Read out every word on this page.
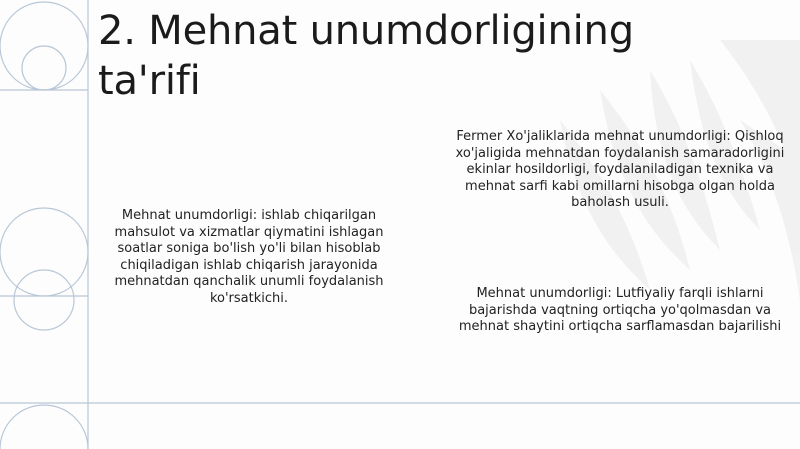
2. Mehnat unumdorligining ta'rifi
Mehnat unumdorligi: ishlab chiqarilgan mahsulot va xizmatlar qiymatini ishlagan soatlar soniga bo'lish yo'li bilan hisoblab chiqiladigan ishlab chiqarish jarayonida mehnatdan qanchalik unumli foydalanish ko'rsatkichi.
Fermer Xo'jaliklarida mehnat unumdorligi: Qishloq xo'jaligida mehnatdan foydalanish samaradorligini ekinlar hosildorligi, foydalaniladigan texnika va mehnat sarfi kabi omillarni hisobga olgan holda baholash usuli.
Mehnat unumdorligi: Lutfiyaliy farqli ishlarni bajarishda vaqtning ortiqcha yo'qolmasdan va mehnat shaytini ortiqcha sarflamasdan bajarilishi
